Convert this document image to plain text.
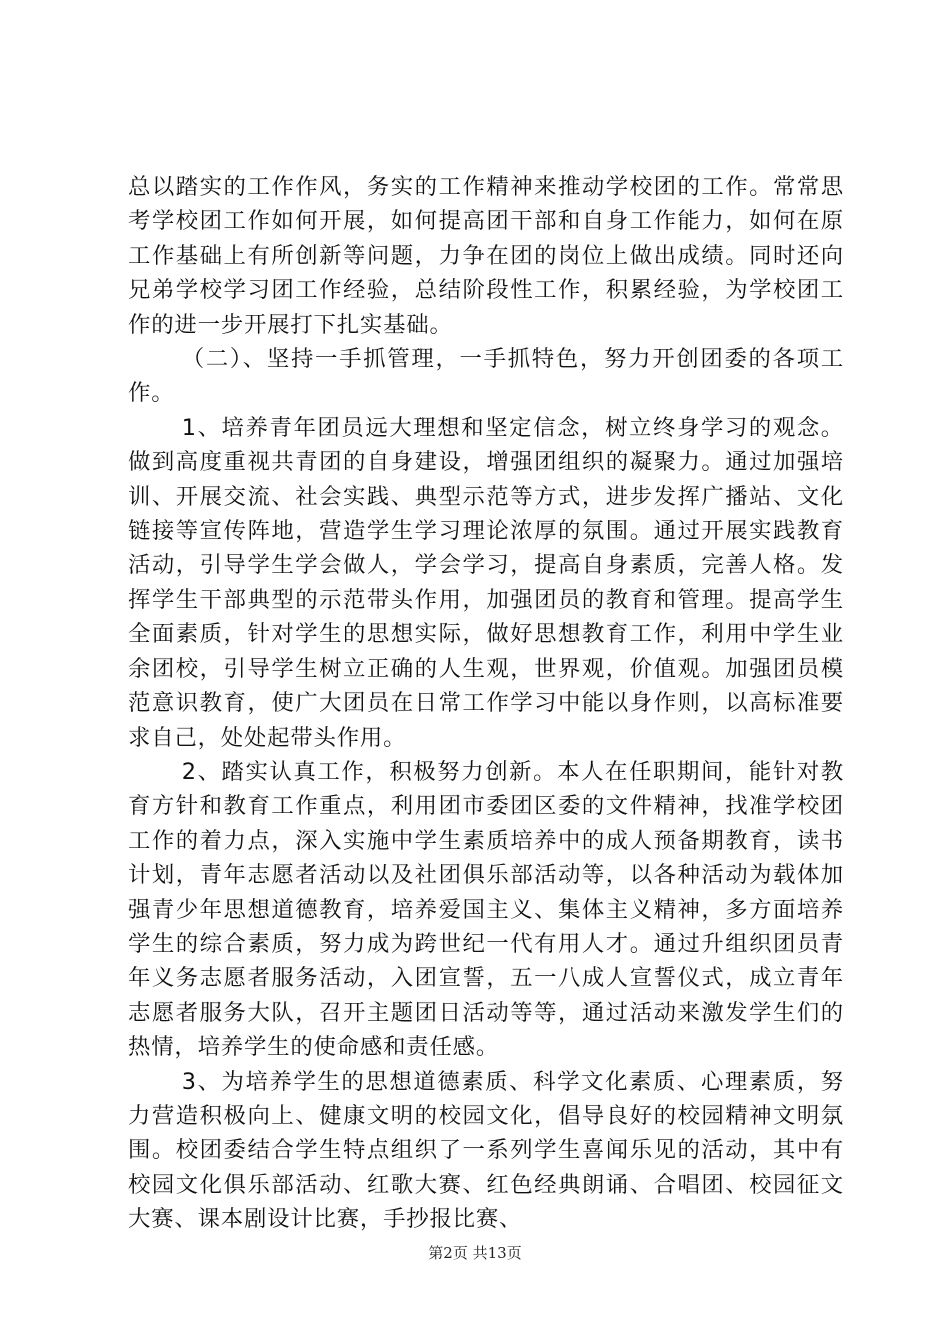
总以踏实的工作作风，务实的工作精神来推动学校团的工作。常常思考学校团工作如何开展，如何提高团干部和自身工作能力，如何在原工作基础上有所创新等问题，力争在团的岗位上做出成绩。同时还向兄弟学校学习团工作经验，总结阶段性工作，积累经验，为学校团工作的进一步开展打下扎实基础。

（二）、坚持一手抓管理，一手抓特色，努力开创团委的各项工作。

1、培养青年团员远大理想和坚定信念，树立终身学习的观念。做到高度重视共青团的自身建设，增强团组织的凝聚力。通过加强培训、开展交流、社会实践、典型示范等方式，进步发挥广播站、文化链接等宣传阵地，营造学生学习理论浓厚的氛围。通过开展实践教育活动，引导学生学会做人，学会学习，提高自身素质，完善人格。发挥学生干部典型的示范带头作用，加强团员的教育和管理。提高学生全面素质，针对学生的思想实际，做好思想教育工作，利用中学生业余团校，引导学生树立正确的人生观，世界观，价值观。加强团员模范意识教育，使广大团员在日常工作学习中能以身作则，以高标准要求自己，处处起带头作用。

2、踏实认真工作，积极努力创新。本人在任职期间，能针对教育方针和教育工作重点，利用团市委团区委的文件精神，找准学校团工作的着力点，深入实施中学生素质培养中的成人预备期教育，读书计划，青年志愿者活动以及社团俱乐部活动等，以各种活动为载体加强青少年思想道德教育，培养爱国主义、集体主义精神，多方面培养学生的综合素质，努力成为跨世纪一代有用人才。通过升组织团员青年义务志愿者服务活动，入团宣誓，五一八成人宣誓仪式，成立青年志愿者服务大队，召开主题团日活动等等，通过活动来激发学生们的热情，培养学生的使命感和责任感。

3、为培养学生的思想道德素质、科学文化素质、心理素质，努力营造积极向上、健康文明的校园文化，倡导良好的校园精神文明氛围。校团委结合学生特点组织了一系列学生喜闻乐见的活动，其中有校园文化俱乐部活动、红歌大赛、红色经典朗诵、合唱团、校园征文大赛、课本剧设计比赛，手抄报比赛、

第2页 共13页
